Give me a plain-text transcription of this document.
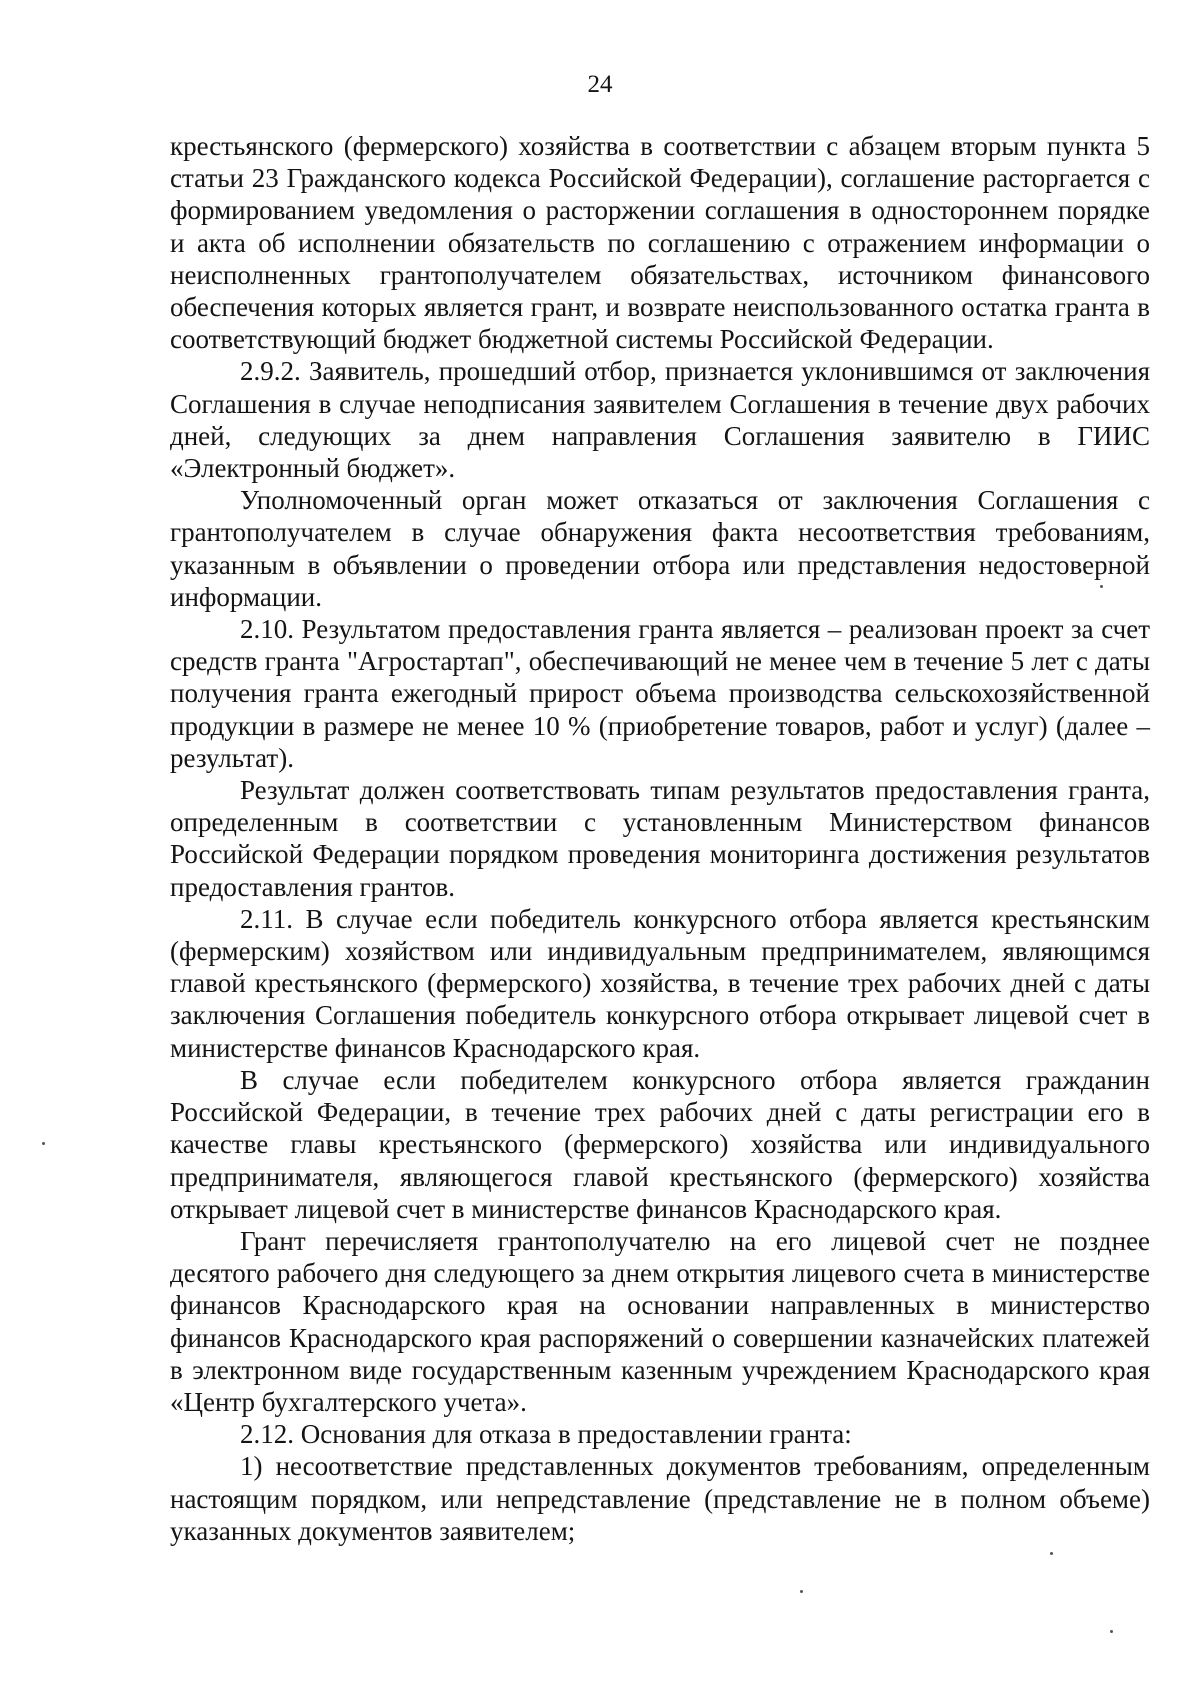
24

крестьянского (фермерского) хозяйства в соответствии с абзацем вторым пункта 5 статьи 23 Гражданского кодекса Российской Федерации), соглашение расторгается с формированием уведомления о расторжении соглашения в одностороннем порядке и акта об исполнении обязательств по соглашению с отражением информации о неисполненных грантополучателем обязательствах, источником финансового обеспечения которых является грант, и возврате неиспользованного остатка гранта в соответствующий бюджет бюджетной системы Российской Федерации.

2.9.2. Заявитель, прошедший отбор, признается уклонившимся от заключения Соглашения в случае неподписания заявителем Соглашения в течение двух рабочих дней, следующих за днем направления Соглашения заявителю в ГИИС «Электронный бюджет».

Уполномоченный орган может отказаться от заключения Соглашения с грантополучателем в случае обнаружения факта несоответствия требованиям, указанным в объявлении о проведении отбора или представления недостоверной информации.

2.10. Результатом предоставления гранта является – реализован проект за счет средств гранта "Агростартап", обеспечивающий не менее чем в течение 5 лет с даты получения гранта ежегодный прирост объема производства сельскохозяйственной продукции в размере не менее 10 % (приобретение товаров, работ и услуг) (далее – результат).

Результат должен соответствовать типам результатов предоставления гранта, определенным в соответствии с установленным Министерством финансов Российской Федерации порядком проведения мониторинга достижения результатов предоставления грантов.

2.11. В случае если победитель конкурсного отбора является крестьянским (фермерским) хозяйством или индивидуальным предпринимателем, являющимся главой крестьянского (фермерского) хозяйства, в течение трех рабочих дней с даты заключения Соглашения победитель конкурсного отбора открывает лицевой счет в министерстве финансов Краснодарского края.

В случае если победителем конкурсного отбора является гражданин Российской Федерации, в течение трех рабочих дней с даты регистрации его в качестве главы крестьянского (фермерского) хозяйства или индивидуального предпринимателя, являющегося главой крестьянского (фермерского) хозяйства открывает лицевой счет в министерстве финансов Краснодарского края.

Грант перечисляетя грантополучателю на его лицевой счет не позднее десятого рабочего дня следующего за днем открытия лицевого счета в министерстве финансов Краснодарского края на основании направленных в министерство финансов Краснодарского края распоряжений о совершении казначейских платежей в электронном виде государственным казенным учреждением Краснодарского края «Центр бухгалтерского учета».

2.12. Основания для отказа в предоставлении гранта:

1) несоответствие представленных документов требованиям, определенным настоящим порядком, или непредставление (представление не в полном объеме) указанных документов заявителем;
